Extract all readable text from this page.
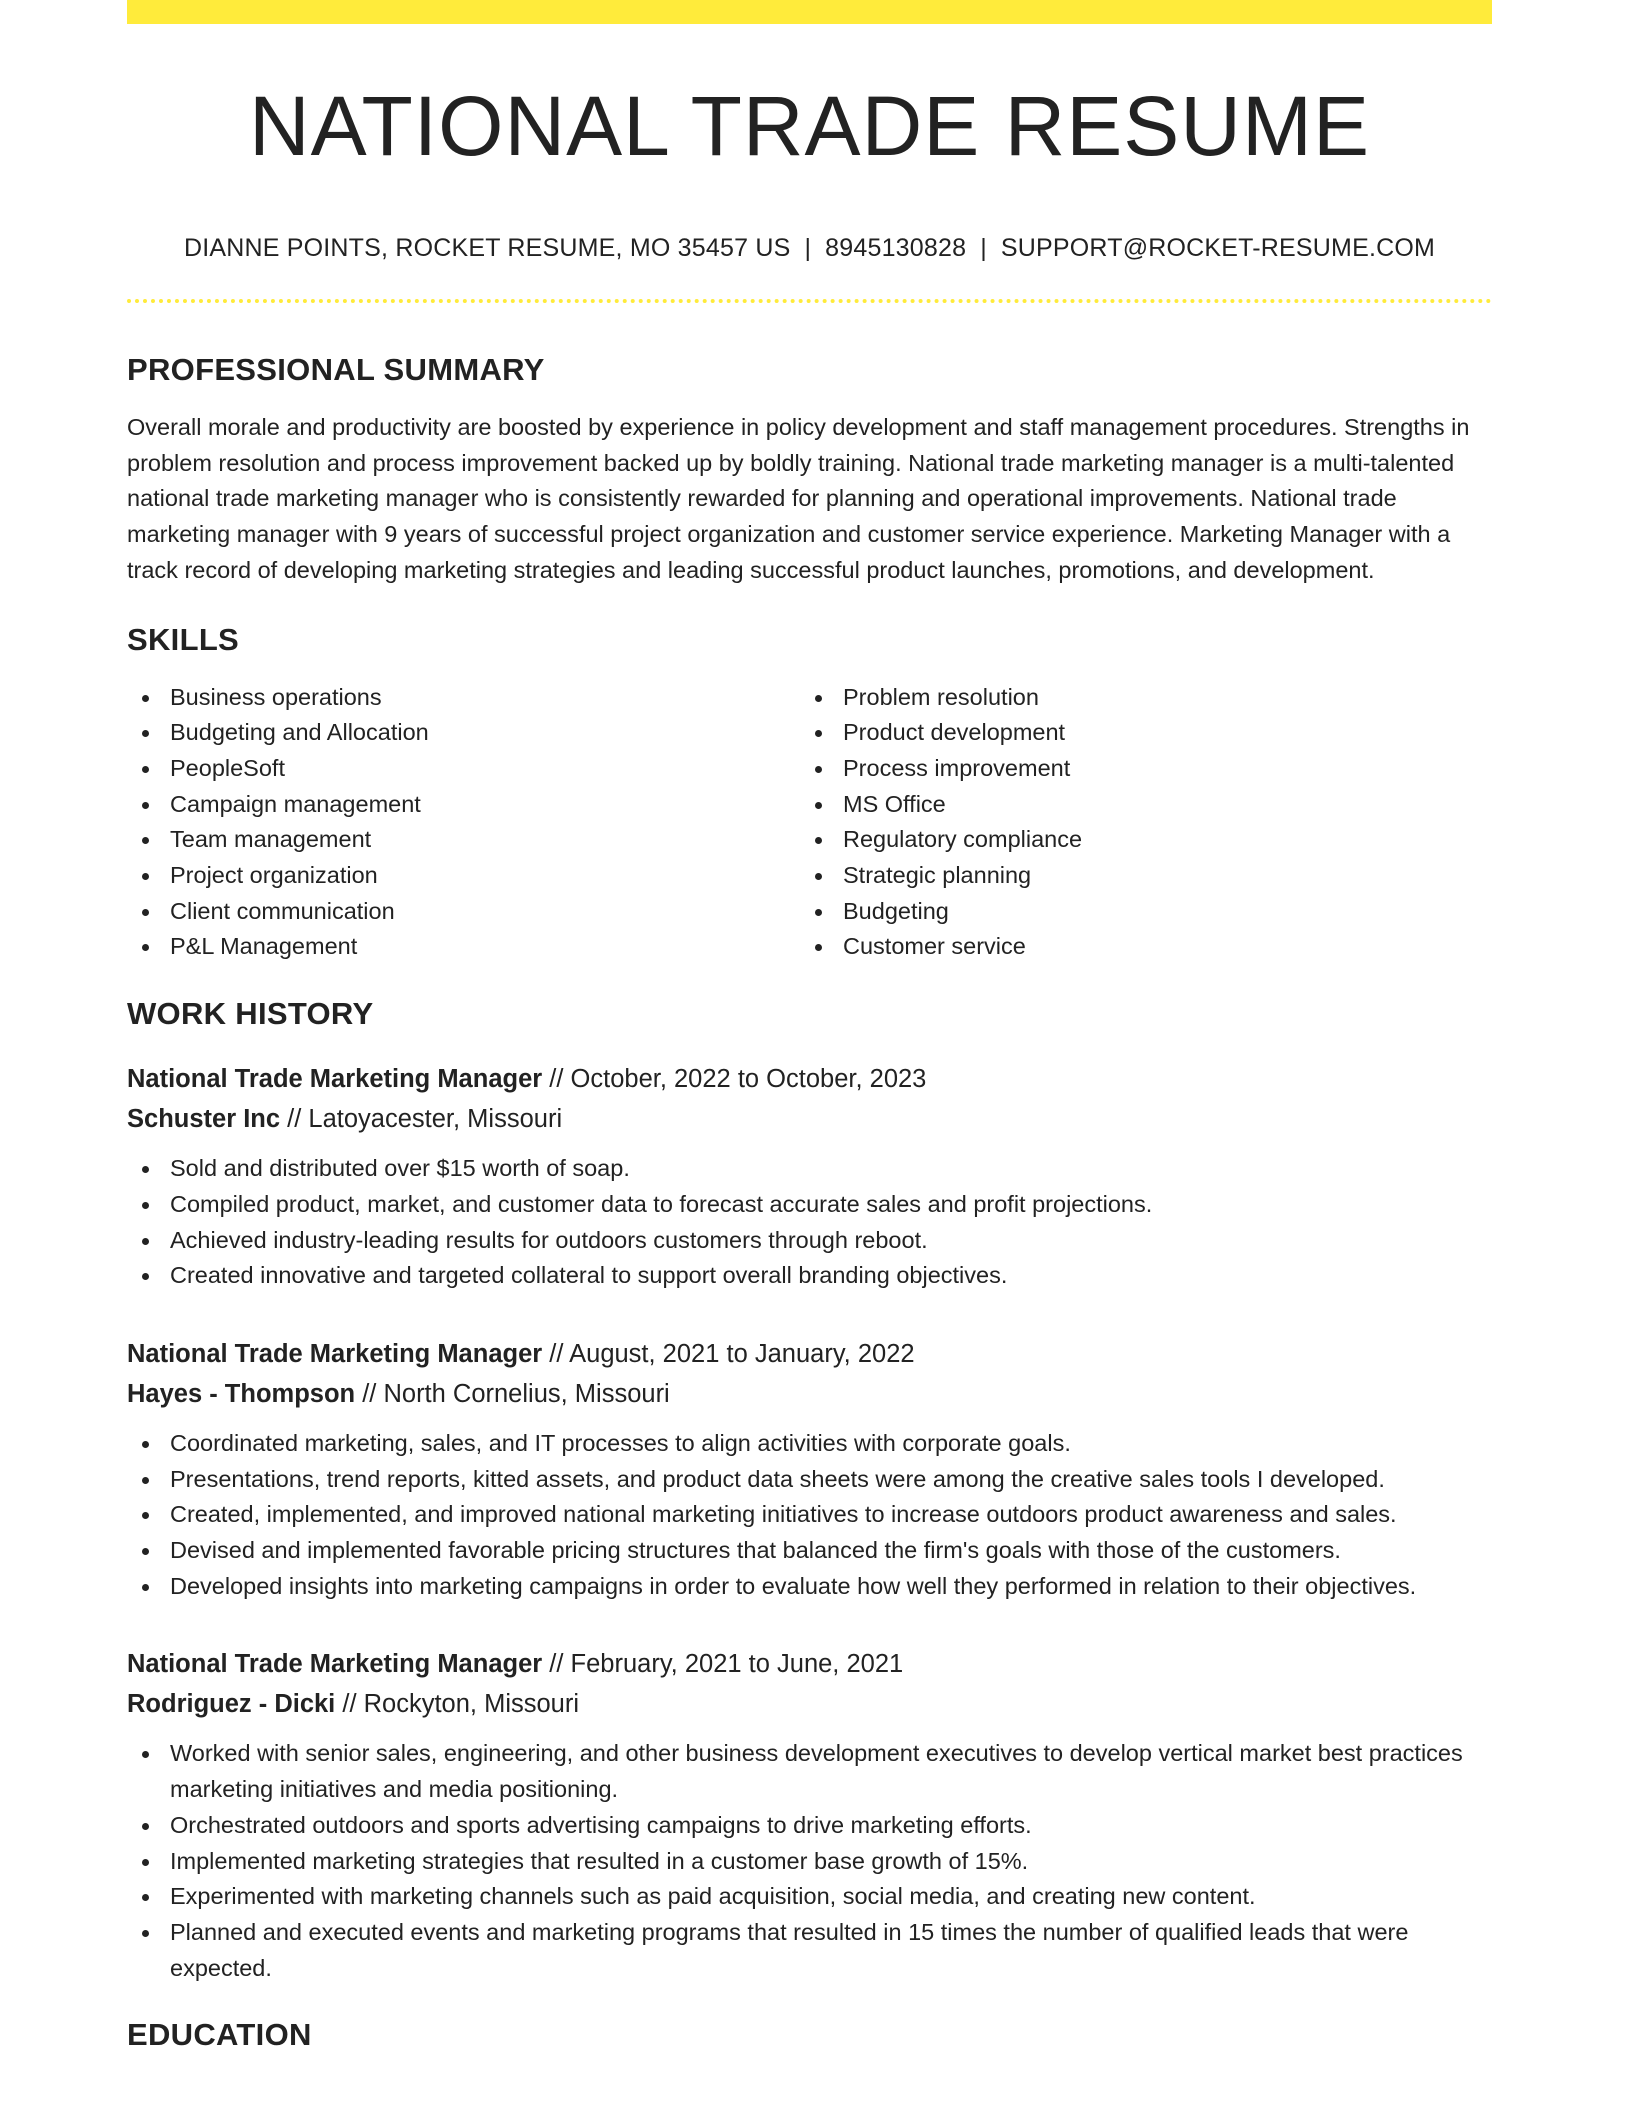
NATIONAL TRADE RESUME
DIANNE POINTS, ROCKET RESUME, MO 35457 US | 8945130828 | SUPPORT@ROCKET-RESUME.COM
PROFESSIONAL SUMMARY
Overall morale and productivity are boosted by experience in policy development and staff management procedures. Strengths in problem resolution and process improvement backed up by boldly training. National trade marketing manager is a multi-talented national trade marketing manager who is consistently rewarded for planning and operational improvements. National trade marketing manager with 9 years of successful project organization and customer service experience. Marketing Manager with a track record of developing marketing strategies and leading successful product launches, promotions, and development.
SKILLS
Business operations
Budgeting and Allocation
PeopleSoft
Campaign management
Team management
Project organization
Client communication
P&L Management
Problem resolution
Product development
Process improvement
MS Office
Regulatory compliance
Strategic planning
Budgeting
Customer service
WORK HISTORY
National Trade Marketing Manager // October, 2022 to October, 2023
Schuster Inc // Latoyacester, Missouri
Sold and distributed over $15 worth of soap.
Compiled product, market, and customer data to forecast accurate sales and profit projections.
Achieved industry-leading results for outdoors customers through reboot.
Created innovative and targeted collateral to support overall branding objectives.
National Trade Marketing Manager // August, 2021 to January, 2022
Hayes - Thompson // North Cornelius, Missouri
Coordinated marketing, sales, and IT processes to align activities with corporate goals.
Presentations, trend reports, kitted assets, and product data sheets were among the creative sales tools I developed.
Created, implemented, and improved national marketing initiatives to increase outdoors product awareness and sales.
Devised and implemented favorable pricing structures that balanced the firm's goals with those of the customers.
Developed insights into marketing campaigns in order to evaluate how well they performed in relation to their objectives.
National Trade Marketing Manager // February, 2021 to June, 2021
Rodriguez - Dicki // Rockyton, Missouri
Worked with senior sales, engineering, and other business development executives to develop vertical market best practices marketing initiatives and media positioning.
Orchestrated outdoors and sports advertising campaigns to drive marketing efforts.
Implemented marketing strategies that resulted in a customer base growth of 15%.
Experimented with marketing channels such as paid acquisition, social media, and creating new content.
Planned and executed events and marketing programs that resulted in 15 times the number of qualified leads that were expected.
EDUCATION
